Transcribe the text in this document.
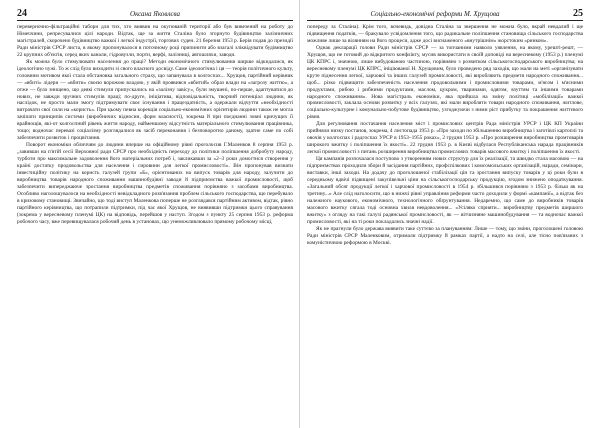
24	Оксана Яковлєва

переверночно-фільтраційні табори для тих, хто виявив на окупованій території або був вивезений на роботу до Німеччини, репресувалися цілі народи. Відтак, ще за життя Сталіна було згорнуто будівництво залізничних магістралей, скорочено будівництво важкої і легкої індустрії, торгових суден. 21 березня 1953 р. Берія подав до президії Ради міністрів СРСР листа, в якому пропонувалося в поточному році припинити або взагалі зліквідувати будівництво 22 крупних об'єктів, серед яких канали, гідровузли, порти, верфі, залізниці, автошляхи, заводи.

Як можна було стимулювати населення до праці? Методи економічного стимулювання ширше відкидалися, як ідеологічно чужі. То ж слід було виходити зі свого власного досвіду. Саме ідеологічна і ця — теорія політичного культу, головним мотивом якої стала обстановка загального страху, що запанувала в колгоспах... Хрущов, партійний керівник — «вбиті» лідери — «вбити» своєю ворожою владою, у якій проявився «вбитий» образ влади на «загрозу життю», а отже — було знищено, що деякі стимули припускались на «залізну завісу», були змушені, по-перше, адаптуватися до нових, не завжди зручних стимулів праці; по-друге, ініціатива, відповідальність, творчий потенціал людини, як наслідок, не просто мали змогу підтримувати своє існування і працездатність, а одержали відчуття «необхідності витрачати свої сили на «користь». При цьому певна корекція соціально-економічних орієнтирів людини також не могла зачіпати принципів системи (виробничих відносин, форм власності), зокрема й при поєднанні зовні кричущих її врайнощів, які-от колгоспний рівень життя народу, найменшому відсутність матеріального стимулювання працівника, тощо; водночас перевазі соціалізму розглядалися як засіб переконання і безповоротно даному, здатне саме по собі забезпечити розвиток і процвітання.

Поворот економіки обличчям до людини вперше на офіційному рівні проголосив Г.Маленков 8 серпня 1953 р. „завивши на п'ятій сесії Верховної ради СРСР про необхідність переходу до політики поліпшення добробуту народу, турботи про максимальне задоволення його матеріальних потреб і, закликавши за «2–3 роки домогтися створення у країні достатку продовольства для населення і сировини для легкої промисловості». Він пропонував визнати інвестиційну політику на користь галузей групи «Б», орієнтованих на випуск товарів для народу, залучити до виробництва товарів народного споживання машинобудівні заводи й підприємства важкої промисловості, щоб забезпечити випереджаюче зростання виробництва предметів споживання порівняно з засобами виробництва. Особливо наголошувалося на необхідності невідкладного розв'язання проблем сільського господарства, що перебувало в кризовому становищі. Звичайно, що тоді виступ Маленкова поперше не розглядався партійним активом, відтак, рівно партійного керівництва, що потрапили підтримки, під час якої Хрущов, не виявивши підтримки цього справування (зокрема у вересневому пленумі ЦК) на відповідь, перейшов у наступ. Згодом з пункту 25 серпня 1953 р. реформа робочого часу, вже перевищувалася робочий день в установах, що унеможливлювало прямому робочому місці,

Соціально-економічні реформи М. Хрущова	25

попереду за Сталіна). Крім того, вочевидь, довідна Сталіна за звершення не можна було, вкрай невдалий і ще підвищення податків, — бракувало усвідомлення того, що радикальне поліпшення становища сільського господарства можливе лише за вілянням на його процеси, адже досі виснаженого «внутрішнім» жорстоким «ринком».

Однак декларації голови Ради міністрів СРСР — за топчаними навколо уявлення, на якому, урешті-решт, — Хрущов, що не готовий до відкритого конфлікту, мусив використати в своїй доповіді на вересневому (1953 р.) пленумі ЦК КПРС і, значною, лише вибудованою частиною, порівняно з розвитком сільськогосподарського виробництва; на вересневому пленумі ЦК КПРС, ініціюваної Н. Хрущовим, було проведено ряд заходів, що мали на меті «організувати круте піднесення легкої, харчової та інших галузей промисловості, які виробляють предмети народного споживання... щоб... різко підвищити забезпеченість населення продовольчими і промисловими товарами, м'ясом і м'ясними продуктами, рибою і рибними продуктами, маслом, цукром, тваринами, одягом, взуттям та іншими товарами народного споживання». Нова магістраль економіки, яка прийшла на зміну політиці «мобілізації» важкої промисловості, заклала основи розвитку у всіх галузях, які мали виробляти товари народного споживання, житлове, соціально-культурне і комунально-побутове будівництво, узгоджуючи з ними ріст прибутку та покрашення життєвого рівня.

Для регулювання постачання населення міст і промислових центрів Рада міністрів УРСР і ЦК КП України прийняли низку постанов, зокрема, 4 листопада 1953 р. «Про заходи по збільшенню виробництва і заготівлі картоплі та овочів у колгоспах і радгоспах УРСР в 1953–1955 роках», 2 грудня 1953 р. «Про розширення виробництва промтоварів широкого вжитку і поліпшення їх якості». 22 грудня 1953 р. в Києві відбулася Республіканська нарада працівників легкої промисловості з питань розширення виробництва промислових товарів масового вжитку і поліпшення їх якості.

Ця кампанія розпочалася поступово з утворенням нових структур для їх реалізації, та швидко стала масовою — на підприємствах проходили збори й засідання партійних, профспілкових і комсомольських організацій, наради, семінари, виставки, інші заходи. На додачу до проголошеної стабілізації цін та зростання випуску товарів у ці роки були в середньому вдвічі підвищені закупівельні ціни на сільськогосподарську продукцію, згодом знижено оподаткування. «Загальний обсяг продукції легкої і харчової промисловості в 1954 р. збільшився порівняно з 1953 р. більш як на третину...» Але слід наголосити, що в нижчі рівні управління реформи часто доходили у формі «кампанії», а відтак без належного наукового, економічного, технологічного обґрунтування. Недаремно, що саме до виробників товарів масового вжитку сягала тоді основна хвиля невдоволення... «Усіляко сприяти... виробництву предметів ширшого вжитку» з огляду на такі галузі радянської промисловості, як — вітчизняне машинобудування — та водночас важкої промисловості, які на ті роки покладались значні надії.

Як не прагнули було держава виявити таке суттєво за плануванням: Лише — тому, що зміни, проголошені головою Ради міністрів СРСР Маленковим, отримали підтримку й рамках партії, а надто на селі, але тісно пов'язаних з комуністичною реформою в Москві.
